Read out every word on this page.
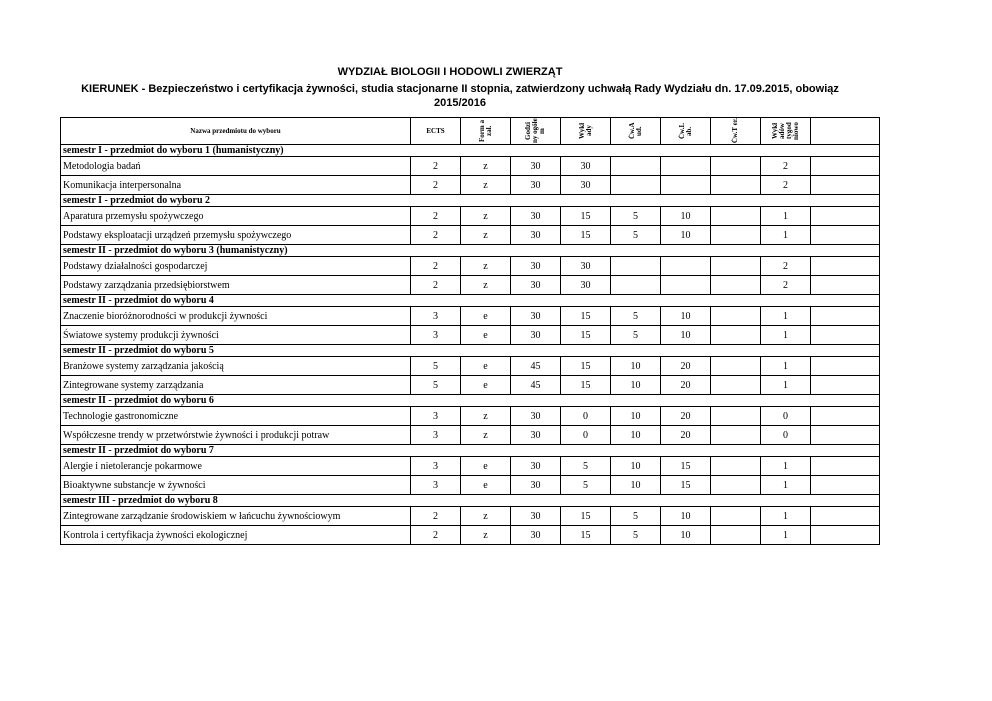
WYDZIAŁ BIOLOGII I HODOWLI ZWIERZĄT
KIERUNEK - Bezpieczeństwo i certyfikacja żywności, studia stacjonarne II stopnia, zatwierdzony uchwałą Rady Wydziału dn. 17.09.2015, obowiąz
2015/2016
Nazwa przedmiotu do wyboru	ECTS	Form a zal.	Godzi ny ogółe m	Wykł ady	Ćw.A ud.	Ćw.L ab.	Ćw.T er.	Wykł adów tygod niowo	

semestr I - przedmiot do wyboru 1 (humanistyczny)									
Metodologia badań	2	z	30	30				2	
Komunikacja interpersonalna	2	z	30	30				2	
semestr I - przedmiot do wyboru 2									
Aparatura przemysłu spożywczego	2	z	30	15	5	10		1	
Podstawy eksploatacji urządzeń przemysłu spożywczego	2	z	30	15	5	10		1	
semestr II - przedmiot do wyboru 3 (humanistyczny)									
Podstawy działalności gospodarczej	2	z	30	30				2	
Podstawy zarządzania przedsiębiorstwem	2	z	30	30				2	
semestr II - przedmiot do wyboru 4									
Znaczenie bioróżnorodności w produkcji żywności	3	e	30	15	5	10		1	
Światowe systemy produkcji żywności	3	e	30	15	5	10		1	
semestr II - przedmiot do wyboru 5									
Branżowe systemy zarządzania jakością	5	e	45	15	10	20		1	
Zintegrowane systemy zarządzania	5	e	45	15	10	20		1	
semestr II - przedmiot do wyboru 6									
Technologie gastronomiczne	3	z	30	0	10	20		0	
Współczesne trendy w przetwórstwie żywności i produkcji potraw	3	z	30	0	10	20		0	
semestr II - przedmiot do wyboru 7									
Alergie i nietolerancje pokarmowe	3	e	30	5	10	15		1	
Bioaktywne substancje w żywności	3	e	30	5	10	15		1	
semestr III - przedmiot do wyboru 8									
Zintegrowane zarządzanie środowiskiem w łańcuchu żywnościowym	2	z	30	15	5	10		1	
Kontrola i certyfikacja żywności ekologicznej	2	z	30	15	5	10		1	
